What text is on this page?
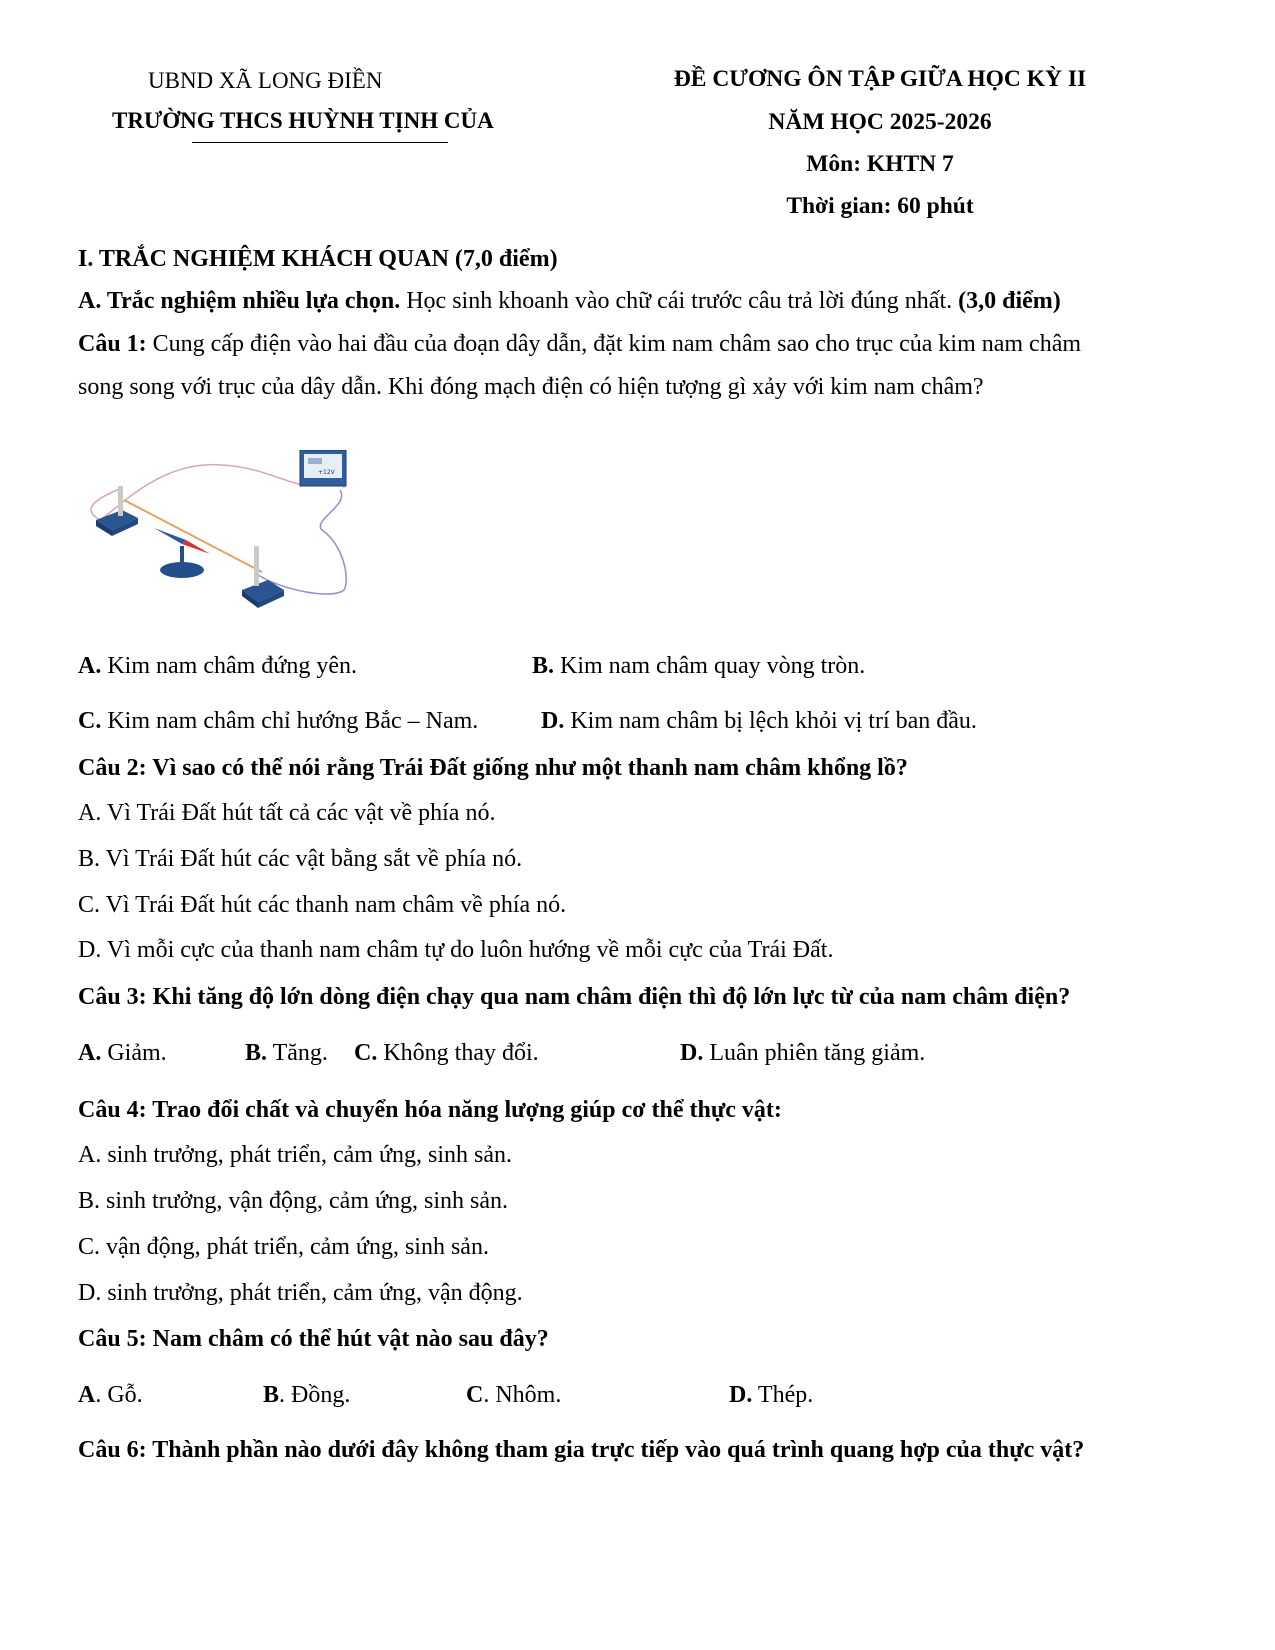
UBND XÃ LONG ĐIỀN
TRƯỜNG THCS HUỲNH TỊNH CỦA
ĐỀ CƯƠNG ÔN TẬP GIỮA HỌC KỲ II
NĂM HỌC 2025-2026
Môn: KHTN 7
Thời gian: 60 phút
I. TRẮC NGHIỆM KHÁCH QUAN (7,0 điểm)
A. Trắc nghiệm nhiều lựa chọn. Học sinh khoanh vào chữ cái trước câu trả lời đúng nhất. (3,0 điểm)
Câu 1: Cung cấp điện vào hai đầu của đoạn dây dẫn, đặt kim nam châm sao cho trục của kim nam châm
song song với trục của dây dẫn. Khi đóng mạch điện có hiện tượng gì xảy với kim nam châm?
+12V
A. Kim nam châm đứng yên.	B. Kim nam châm quay vòng tròn.
C. Kim nam châm chỉ hướng Bắc – Nam.	D. Kim nam châm bị lệch khỏi vị trí ban đầu.
Câu 2: Vì sao có thể nói rằng Trái Đất giống như một thanh nam châm khổng lồ?
A. Vì Trái Đất hút tất cả các vật về phía nó.
B. Vì Trái Đất hút các vật bằng sắt về phía nó.
C. Vì Trái Đất hút các thanh nam châm về phía nó.
D. Vì mỗi cực của thanh nam châm tự do luôn hướng về mỗi cực của Trái Đất.
Câu 3: Khi tăng độ lớn dòng điện chạy qua nam châm điện thì độ lớn lực từ của nam châm điện?
A. Giảm.	B. Tăng. C. Không thay đổi.	D. Luân phiên tăng giảm.
Câu 4: Trao đổi chất và chuyển hóa năng lượng giúp cơ thể thực vật:
A. sinh trưởng, phát triển, cảm ứng, sinh sản.
B. sinh trưởng, vận động, cảm ứng, sinh sản.
C. vận động, phát triển, cảm ứng, sinh sản.
D. sinh trưởng, phát triển, cảm ứng, vận động.
Câu 5: Nam châm có thể hút vật nào sau đây?
A. Gỗ.	B. Đồng.	C. Nhôm.	D. Thép.
Câu 6: Thành phần nào dưới đây không tham gia trực tiếp vào quá trình quang hợp của thực vật?
